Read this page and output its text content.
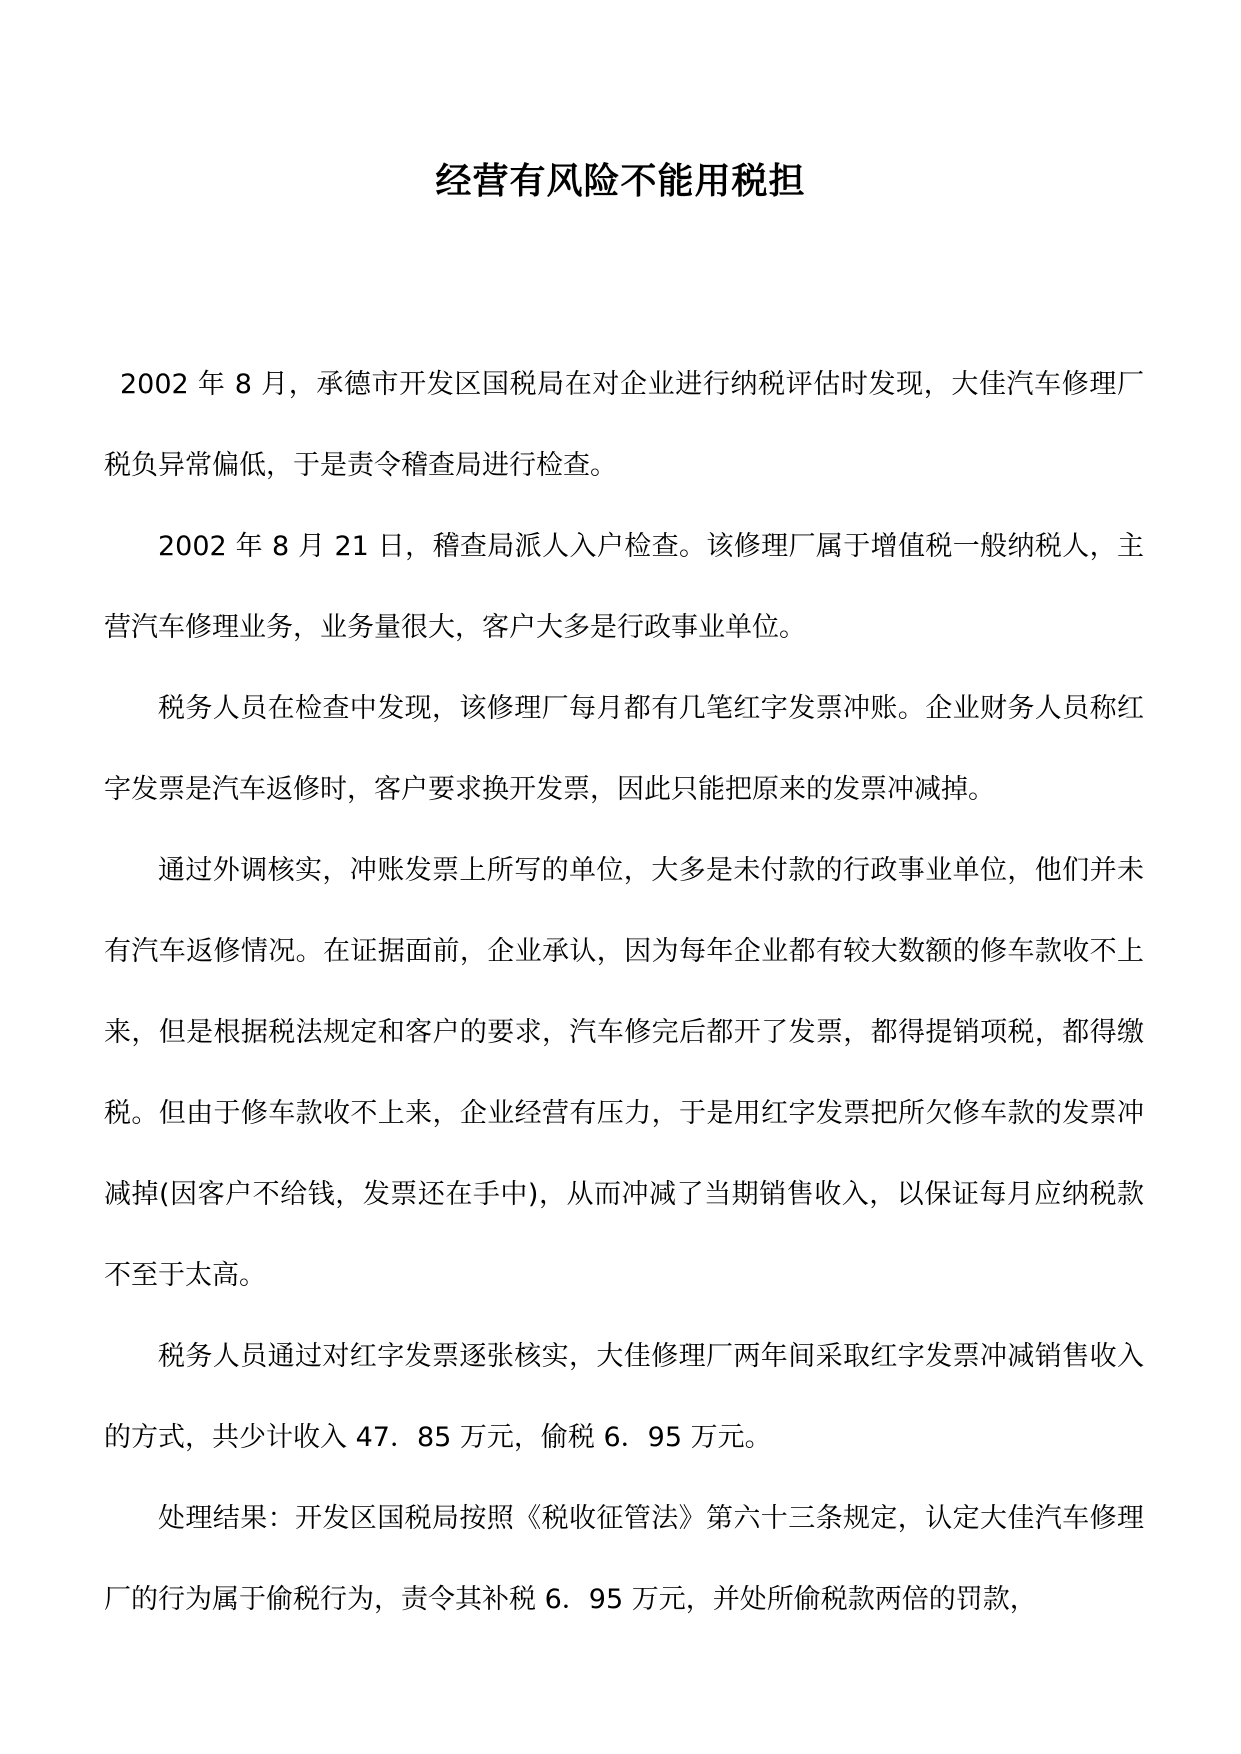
经营有风险不能用税担

2002 年 8 月，承德市开发区国税局在对企业进行纳税评估时发现，大佳汽车修理厂税负异常偏低，于是责令稽查局进行检查。

2002 年 8 月 21 日，稽查局派人入户检查。该修理厂属于增值税一般纳税人，主营汽车修理业务，业务量很大，客户大多是行政事业单位。

税务人员在检查中发现，该修理厂每月都有几笔红字发票冲账。企业财务人员称红字发票是汽车返修时，客户要求换开发票，因此只能把原来的发票冲减掉。

通过外调核实，冲账发票上所写的单位，大多是未付款的行政事业单位，他们并未有汽车返修情况。在证据面前，企业承认，因为每年企业都有较大数额的修车款收不上来，但是根据税法规定和客户的要求，汽车修完后都开了发票，都得提销项税，都得缴税。但由于修车款收不上来，企业经营有压力，于是用红字发票把所欠修车款的发票冲减掉(因客户不给钱，发票还在手中)，从而冲减了当期销售收入，以保证每月应纳税款不至于太高。

税务人员通过对红字发票逐张核实，大佳修理厂两年间采取红字发票冲减销售收入的方式，共少计收入 47．85 万元，偷税 6．95 万元。

处理结果：开发区国税局按照《税收征管法》第六十三条规定，认定大佳汽车修理厂的行为属于偷税行为，责令其补税 6．95 万元，并处所偷税款两倍的罚款，
